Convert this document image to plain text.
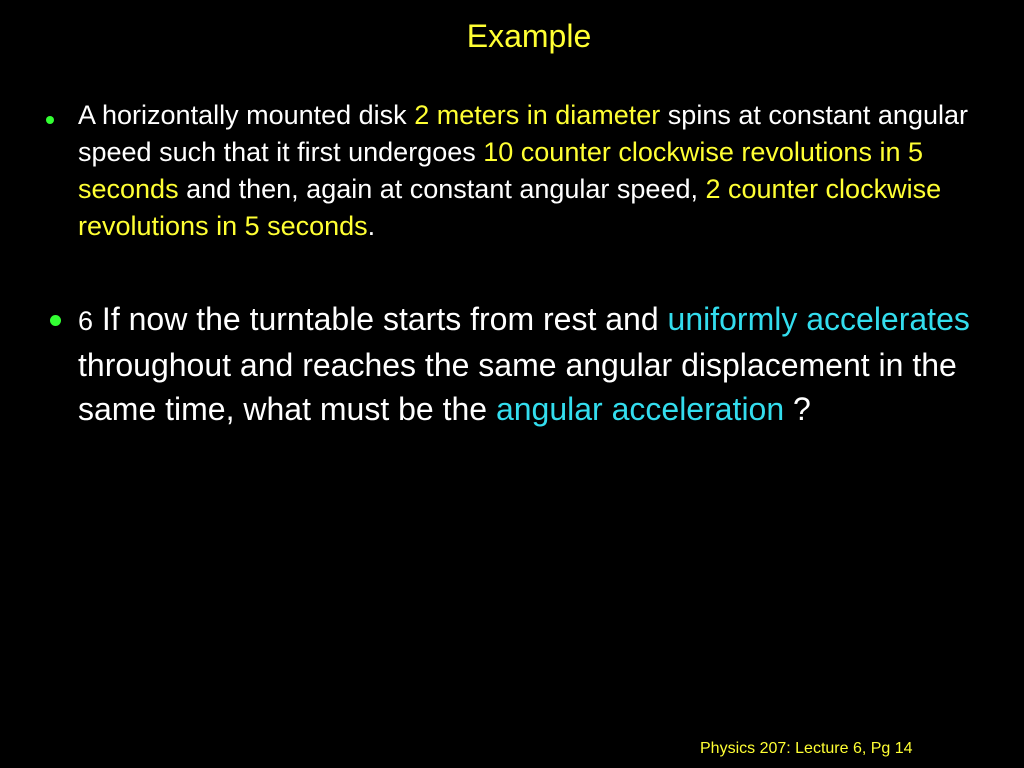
Example
A horizontally mounted disk 2 meters in diameter spins at constant angular speed such that it first undergoes 10 counter clockwise revolutions in 5 seconds and then, again at constant angular speed, 2 counter clockwise revolutions in 5 seconds.
6 If now the turntable starts from rest and uniformly accelerates throughout and reaches the same angular displacement in the same time, what must be the angular acceleration ?
Physics 207: Lecture 6, Pg 14
